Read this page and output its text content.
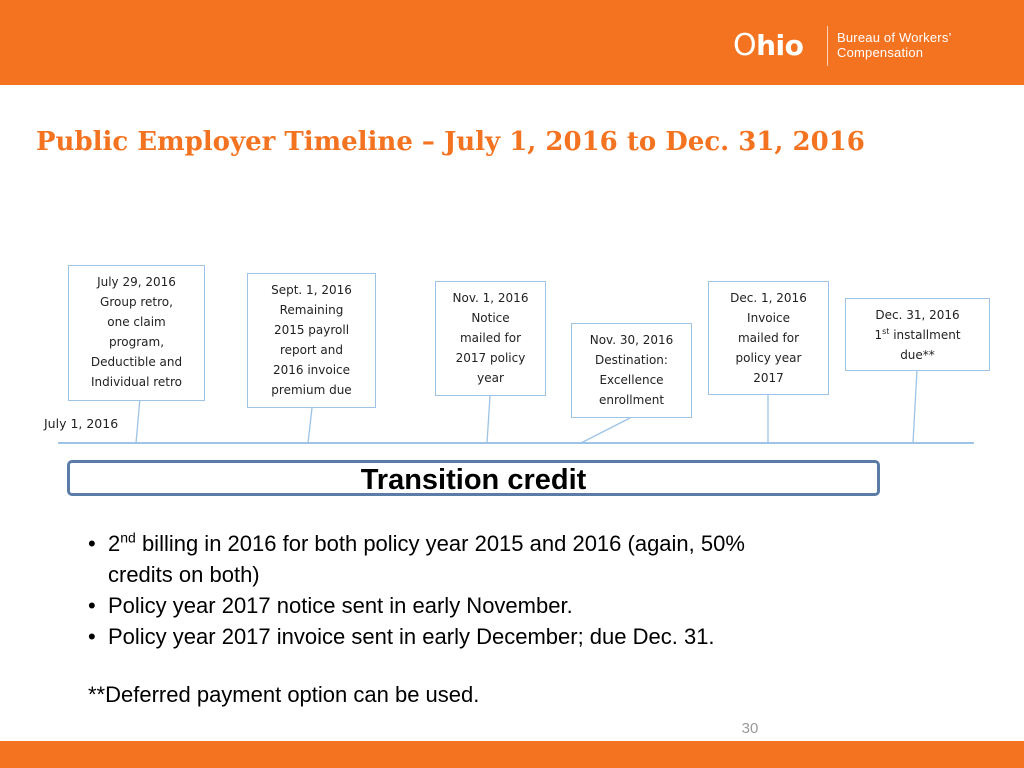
Ohio	Bureau of Workers’
Compensation
Public Employer Timeline – July 1, 2016 to Dec. 31, 2016
July 1, 2016
July 29, 2016
Group retro,
one claim
program,
Deductible and
Individual retro
Sept. 1, 2016
Remaining
2015 payroll
report and
2016 invoice
premium due
Nov. 1, 2016
Notice
mailed for
2017 policy
year
Nov. 30, 2016
Destination:
Excellence
enrollment
Dec. 1, 2016
Invoice
mailed for
policy year
2017
Dec. 31, 2016
1st installment
due**
Transition credit
• 2nd billing in 2016 for both policy year 2015 and 2016 (again, 50%
credits on both)
• Policy year 2017 notice sent in early November.
• Policy year 2017 invoice sent in early December; due Dec. 31.
**Deferred payment option can be used.
30
